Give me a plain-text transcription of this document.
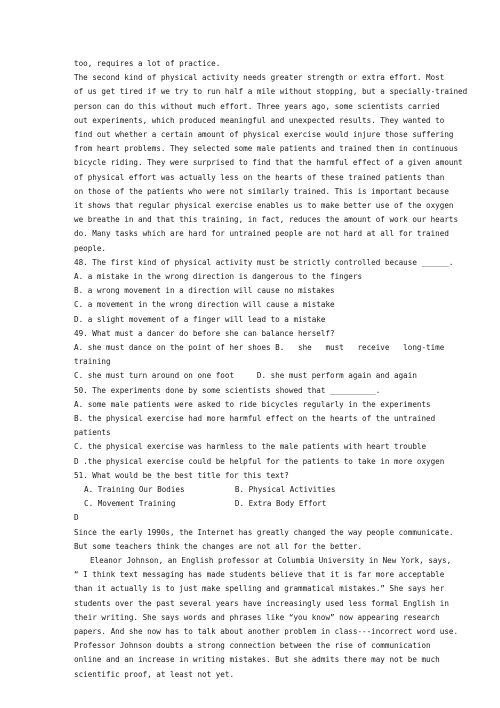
too, requires a lot of practice.
The second kind of physical activity needs greater strength or extra effort. Most
of us get tired if we try to run half a mile without stopping, but a specially-trained
person can do this without much effort. Three years ago, some scientists carried
out experiments, which produced meaningful and unexpected results. They wanted to
find out whether a certain amount of physical exercise would injure those suffering
from heart problems. They selected some male patients and trained them in continuous
bicycle riding. They were surprised to find that the harmful effect of a given amount
of physical effort was actually less on the hearts of these trained patients than
on those of the patients who were not similarly trained. This is important because
it shows that regular physical exercise enables us to make better use of the oxygen
we breathe in and that this training, in fact, reduces the amount of work our hearts
do. Many tasks which are hard for untrained people are not hard at all for trained
people.
48. The first kind of physical activity must be strictly controlled because ______.
A. a mistake in the wrong direction is dangerous to the fingers
B. a wrong movement in a direction will cause no mistakes
C. a movement in the wrong direction will cause a mistake
D. a slight movement of a finger will lead to a mistake
49. What must a dancer do before she can balance herself?
A. she must dance on the point of her shoes B.   she   must   receive   long-time
training
C. she must turn around on one foot     D. she must perform again and again
50. The experiments done by some scientists showed that __________.
A. some male patients were asked to ride bicycles regularly in the experiments
B. the physical exercise had more harmful effect on the hearts of the untrained
patients
C. the physical exercise was harmless to the male patients with heart trouble
D .the physical exercise could be helpful for the patients to take in more oxygen
51. What would be the best title for this text?
A. Training Our Bodies           B. Physical Activities
C. Movement Training             D. Extra Body Effort
D
Since the early 1990s, the Internet has greatly changed the way people communicate.
But some teachers think the changes are not all for the better.
Eleanor Johnson, an English professor at Columbia University in New York, says,
“ I think text messaging has made students believe that it is far more acceptable
than it actually is to just make spelling and grammatical mistakes.” She says her
students over the past several years have increasingly used less formal English in
their writing. She says words and phrases like “you know” now appearing research
papers. And she now has to talk about another problem in class---incorrect word use.
Professor Johnson doubts a strong connection between the rise of communication
online and an increase in writing mistakes. But she admits there may not be much
scientific proof, at least not yet.
